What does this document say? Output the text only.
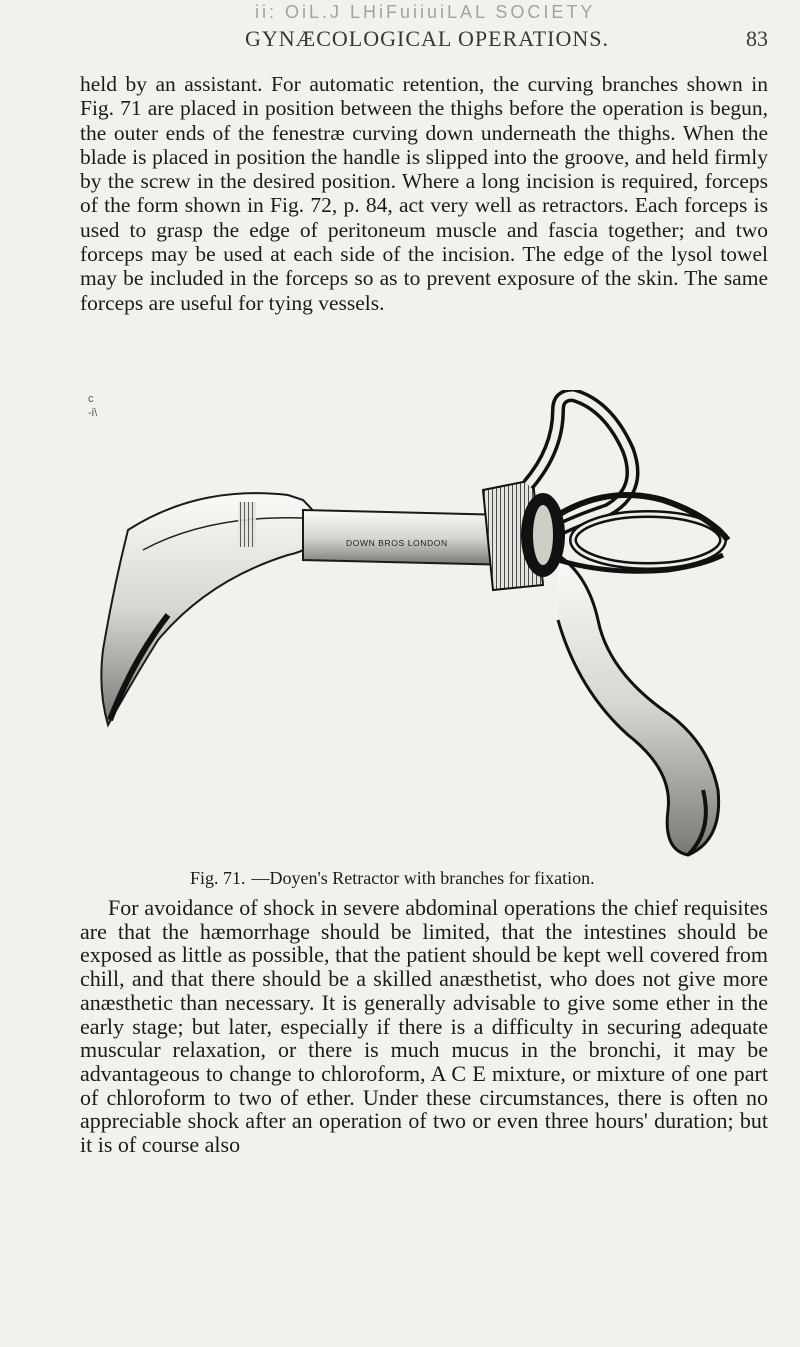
ii: OiL.J LHiFuiiuiLAL SOCIETY
GYNÆCOLOGICAL OPERATIONS.	83

held by an assistant. For automatic retention, the curving branches shown in Fig. 71 are placed in position between the thighs before the operation is begun, the outer ends of the fenestræ curving down underneath the thighs. When the blade is placed in position the handle is slipped into the groove, and held firmly by the screw in the desired position. Where a long incision is required, forceps of the form shown in Fig. 72, p. 84, act very well as retractors. Each forceps is used to grasp the edge of peritoneum muscle and fascia together; and two forceps may be used at each side of the incision. The edge of the lysol towel may be included in the forceps so as to prevent exposure of the skin. The same forceps are useful for tying vessels.

c
-i\
DOWN BROS LONDON
Fig. 71. —Doyen's Retractor with branches for fixation.

For avoidance of shock in severe abdominal operations the chief requisites are that the hæmorrhage should be limited, that the intestines should be exposed as little as possible, that the patient should be kept well covered from chill, and that there should be a skilled anæsthetist, who does not give more anæsthetic than necessary. It is generally advisable to give some ether in the early stage; but later, especially if there is a difficulty in securing adequate muscular relaxation, or there is much mucus in the bronchi, it may be advantageous to change to chloroform, A C E mixture, or mixture of one part of chloroform to two of ether. Under these circumstances, there is often no appreciable shock after an operation of two or even three hours' duration; but it is of course also
